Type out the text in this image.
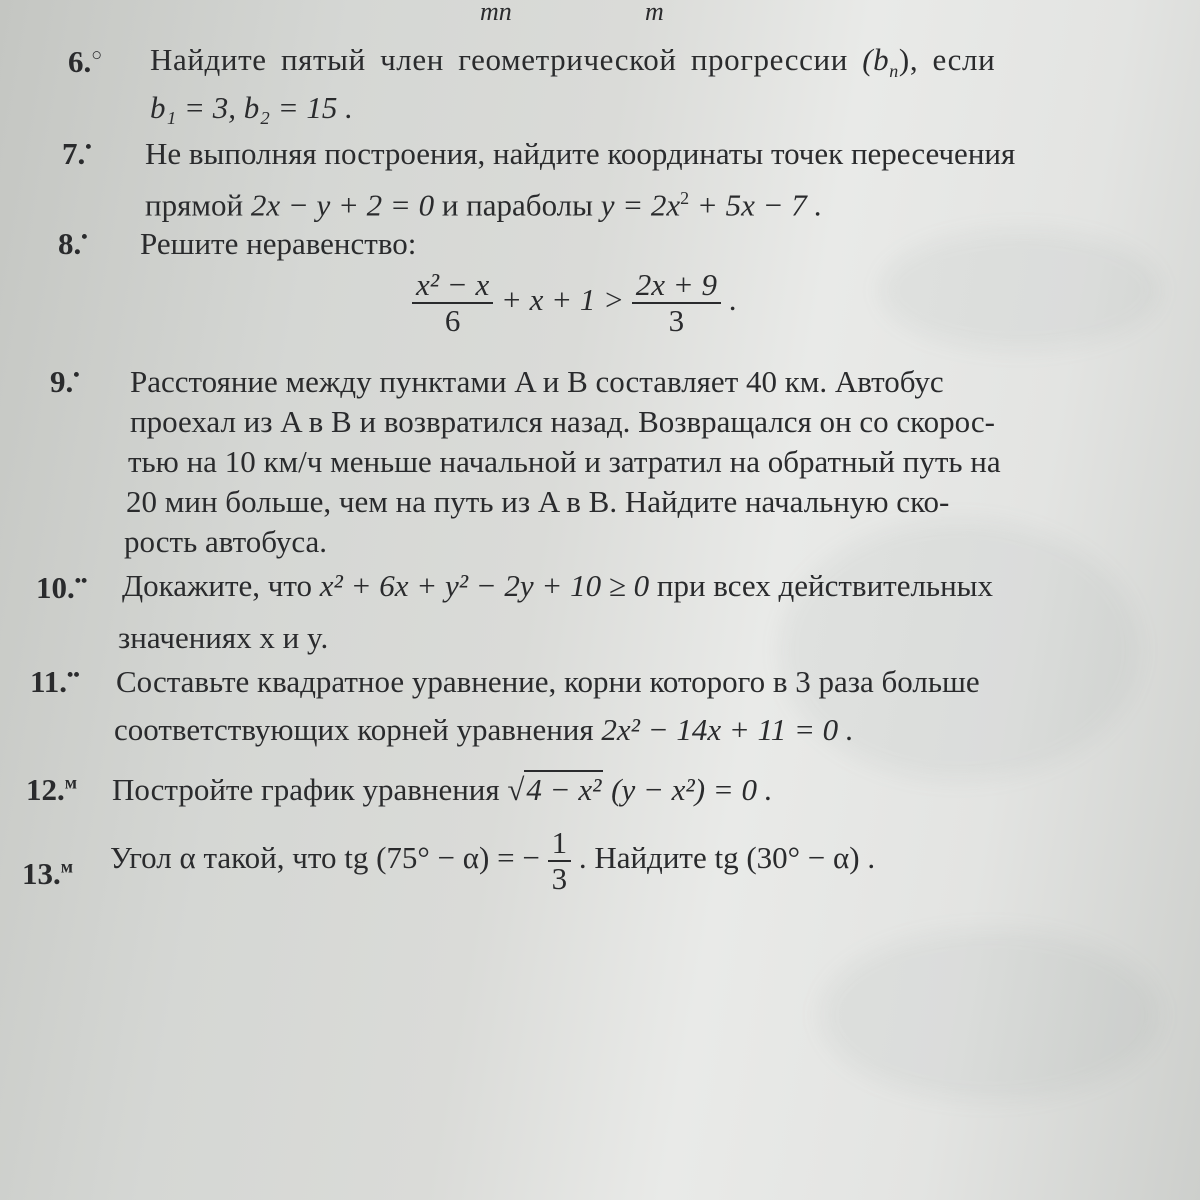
mn	m
6.○ Найдите пятый член геометрической прогрессии $(b_n)$, если
b₁ = 3, b₂ = 15 .
7.• Не выполняя построения, найдите координаты точек пересечения
прямой 2x − y + 2 = 0 и параболы $y = 2x^2 + 5x - 7$ .
8.• Решите неравенство:
$\frac{\text{x² − x}}{6} + x + 1 > \frac{2x + 9}{3}$ .
9.• Расстояние между пунктами A и B составляет 40 км. Автобус
проехал из A в B и возвратился назад. Возвращался он со скорос-
тью на 10 км/ч меньше начальной и затратил на обратный путь на
20 мин больше, чем на путь из A в B. Найдите начальную ско-
рость автобуса.
10.•• Докажите, что x² + 6x + y² − 2y + 10 ≥ 0 при всех действительных
значениях x и y.
11.•• Составьте квадратное уравнение, корни которого в 3 раза больше
соответствующих корней уравнения 2x² − 14x + 11 = 0 .
12.$^м$ Постройте график уравнения √4 − x² (y − x²) = 0 .
13.$^м$ Угол α такой, что tg (75° − α) = − $\frac{1}{3}$ . Найдите tg (30° − α) .
